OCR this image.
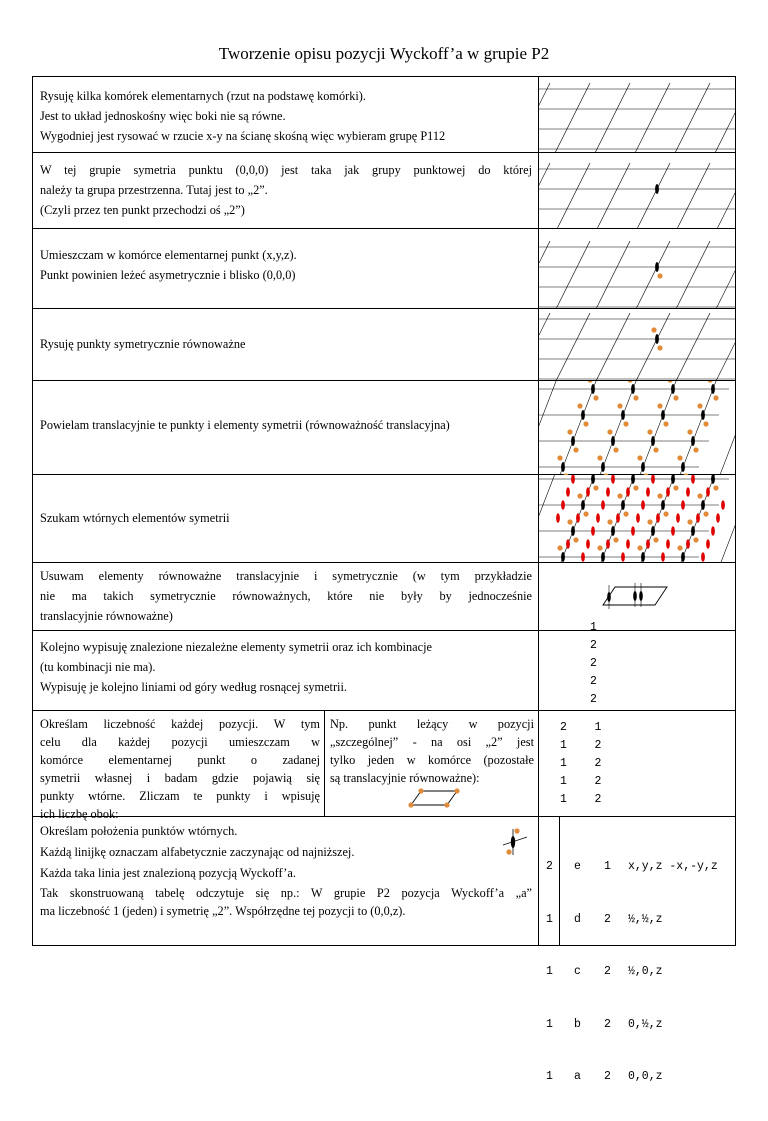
Tworzenie opisu pozycji Wyckoff’a w grupie P2

Rysuję kilka komórek elementarnych (rzut na podstawę komórki).

Jest to układ jednoskośny więc boki nie są równe.

Wygodniej jest rysować w rzucie x-y na ścianę skośną więc wybieram grupę P112

W tej grupie symetria punktu (0,0,0) jest taka jak grupy punktowej do której

należy ta grupa przestrzenna. Tutaj jest to „2”.

(Czyli przez ten punkt przechodzi oś „2”)

Umieszczam w komórce elementarnej punkt (x,y,z).

Punkt powinien leżeć asymetrycznie i blisko (0,0,0)

Rysuję punkty symetrycznie równoważne

Powielam translacyjnie te punkty i elementy symetrii (równoważność translacyjna)

Szukam wtórnych elementów symetrii

Usuwam elementy równoważne translacyjnie i symetrycznie (w tym przykładzie

nie ma takich symetrycznie równoważnych, które nie były by jednocześnie

translacyjnie równoważne)

Kolejno wypisuję znalezione niezależne elementy symetrii oraz ich kombinacje

(tu kombinacji nie ma).

Wypisuję je kolejno liniami od góry według rosnącej symetrii.

1
2
2
2
2
Określam liczebność każdej pozycji. W tym
celu dla każdej pozycji umieszczam w
komórce elementarnej punkt o zadanej
symetrii własnej i badam gdzie pojawią się
punkty wtórne. Zliczam te punkty i wpisuję
ich liczbę obok:
Np. punkt leżący w pozycji
„szczególnej” - na osi „2” jest
tylko jeden w komórce (pozostałe
są translacyjnie równoważne):
2 1
1 2
1 2
1 2
1 2

Określam położenia punktów wtórnych.

Każdą linijkę oznaczam alfabetycznie zaczynając od najniższej.

Każda taka linia jest znalezioną pozycją Wyckoff’a.

Tak skonstruowaną tabelę odczytuje się np.: W grupie P2 pozycja Wyckoff’a „a”

ma liczebność 1 (jeden) i symetrię „2”. Współrzędne tej pozycji to (0,0,z).

2 e 1 x,y,z -x,-y,z

1 d 2 ½,½,z

1 c 2 ½,0,z

1 b 2 0,½,z

1 a 2 0,0,z
